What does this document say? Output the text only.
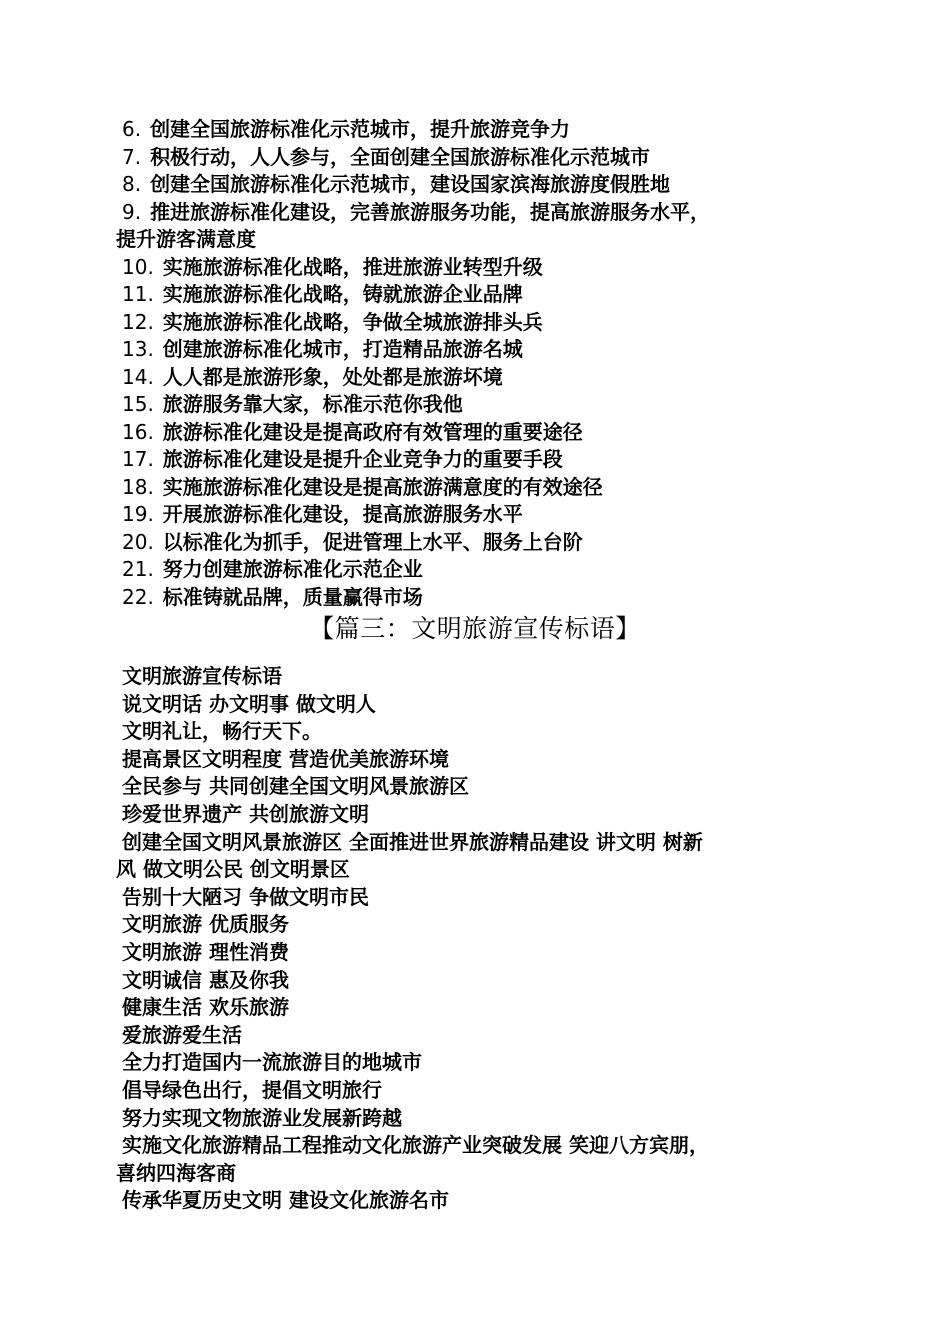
6. 创建全国旅游标准化示范城市，提升旅游竞争力
7. 积极行动，人人参与，全面创建全国旅游标准化示范城市
8. 创建全国旅游标准化示范城市，建设国家滨海旅游度假胜地
9. 推进旅游标准化建设，完善旅游服务功能，提高旅游服务水平，
提升游客满意度
10. 实施旅游标准化战略，推进旅游业转型升级
11. 实施旅游标准化战略，铸就旅游企业品牌
12. 实施旅游标准化战略，争做全城旅游排头兵
13. 创建旅游标准化城市，打造精品旅游名城
14. 人人都是旅游形象，处处都是旅游坏境
15. 旅游服务靠大家，标准示范你我他
16. 旅游标准化建设是提高政府有效管理的重要途径
17. 旅游标准化建设是提升企业竞争力的重要手段
18. 实施旅游标准化建设是提高旅游满意度的有效途径
19. 开展旅游标准化建设，提高旅游服务水平
20. 以标准化为抓手，促进管理上水平、服务上台阶
21. 努力创建旅游标准化示范企业
22. 标准铸就品牌，质量赢得市场
【篇三：文明旅游宣传标语】
文明旅游宣传标语
说文明话 办文明事 做文明人
文明礼让，畅行天下。
提高景区文明程度 营造优美旅游环境
全民参与 共同创建全国文明风景旅游区
珍爱世界遗产 共创旅游文明
创建全国文明风景旅游区 全面推进世界旅游精品建设 讲文明 树新
风 做文明公民 创文明景区
告别十大陋习 争做文明市民
文明旅游 优质服务
文明旅游 理性消费
文明诚信 惠及你我
健康生活 欢乐旅游
爱旅游爱生活
全力打造国内一流旅游目的地城市
倡导绿色出行，提倡文明旅行
努力实现文物旅游业发展新跨越
实施文化旅游精品工程推动文化旅游产业突破发展 笑迎八方宾朋，
喜纳四海客商
传承华夏历史文明 建设文化旅游名市
